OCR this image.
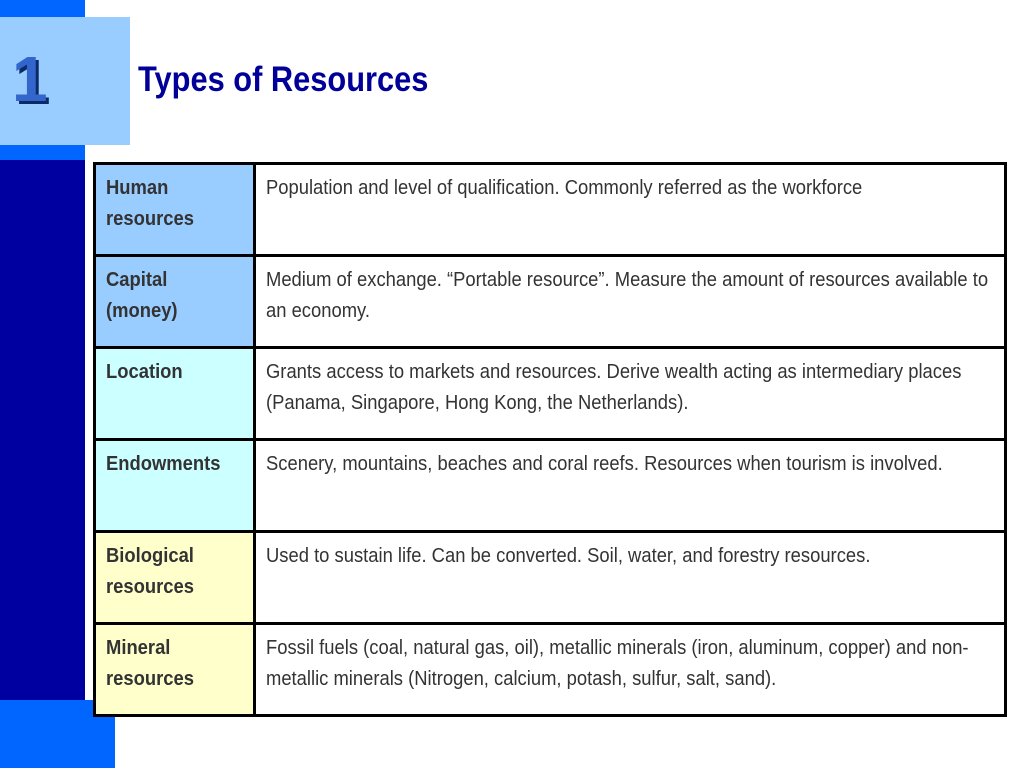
1	Types of Resources
Human resources	Population and level of qualification. Commonly referred as the workforce

Capital (money)	Medium of exchange. “Portable resource”. Measure the amount of resources available to an economy.

Location	Grants access to markets and resources. Derive wealth acting as intermediary places (Panama, Singapore, Hong Kong, the Netherlands).

Endowments	Scenery, mountains, beaches and coral reefs. Resources when tourism is involved.

Biological resources	Used to sustain life. Can be converted. Soil, water, and forestry resources.

Mineral resources	Fossil fuels (coal, natural gas, oil), metallic minerals (iron, aluminum, copper) and non-metallic minerals (Nitrogen, calcium, potash, sulfur, salt, sand).
